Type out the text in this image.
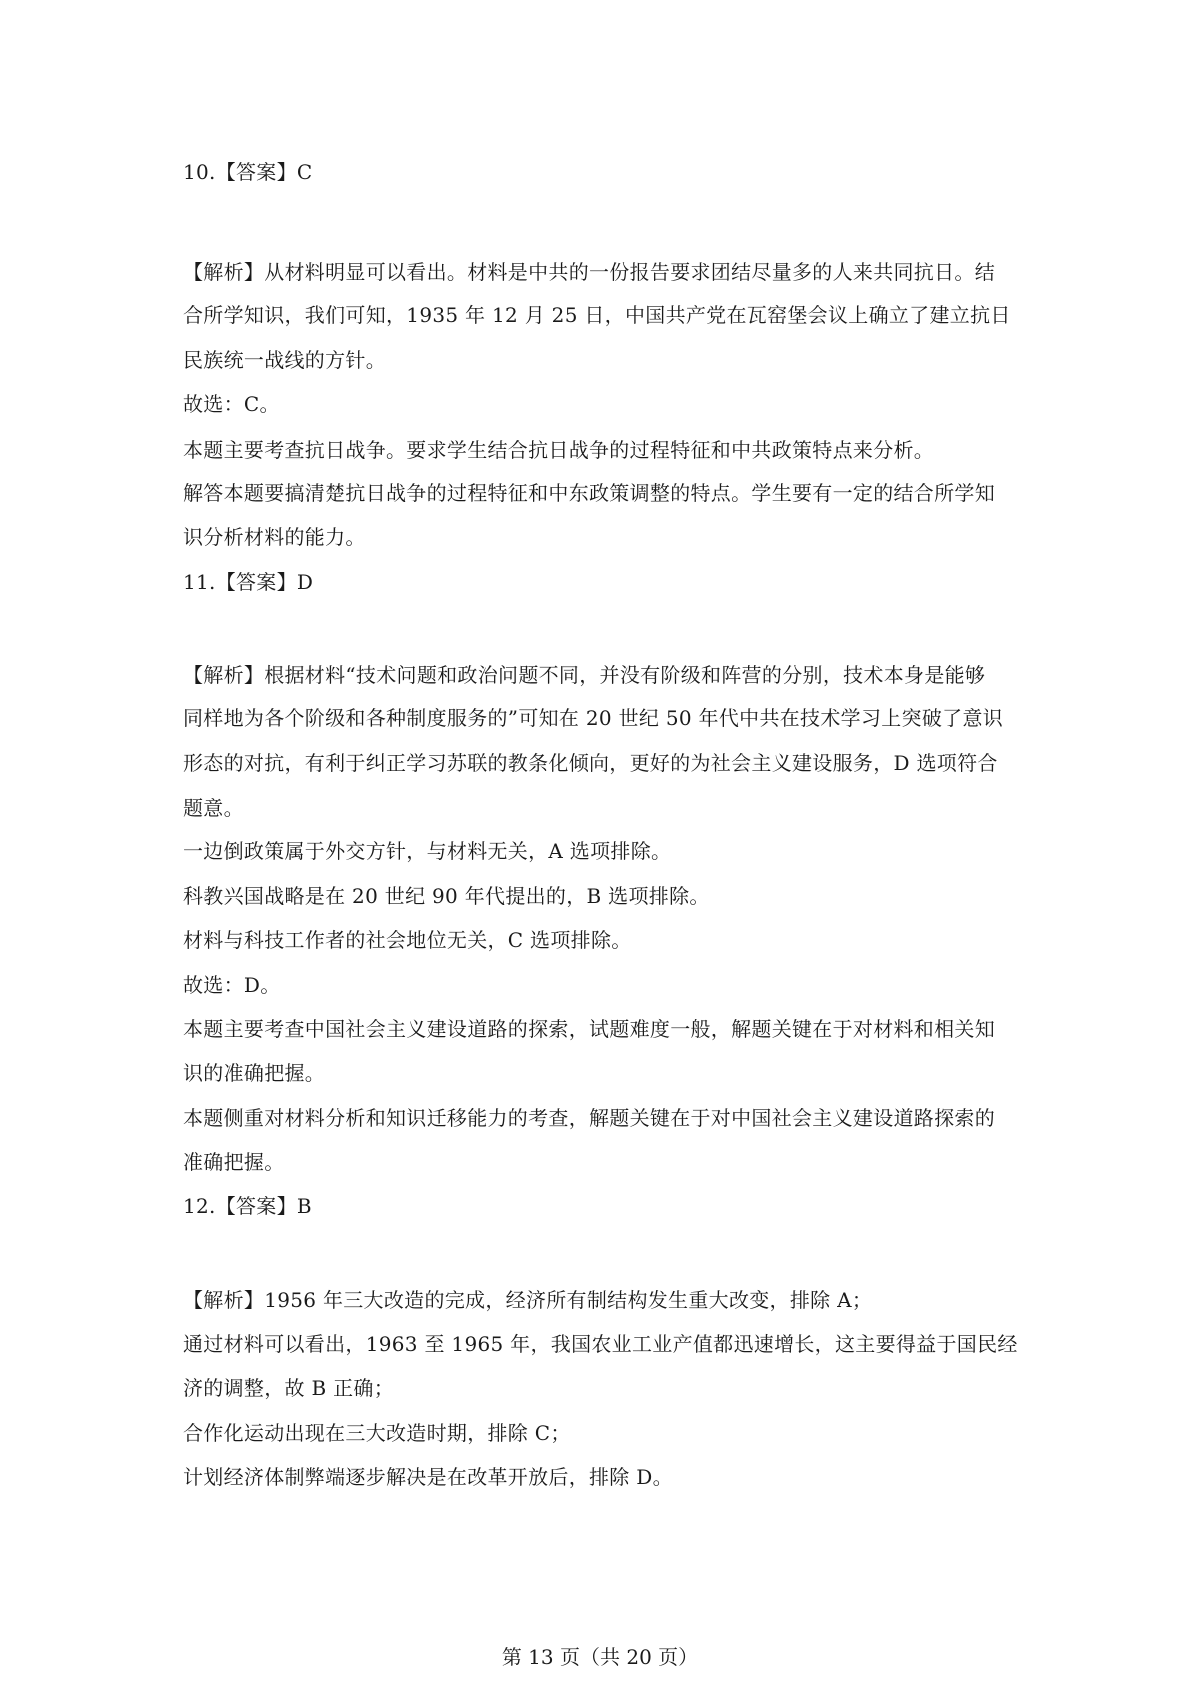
10.【答案】C
【解析】从材料明显可以看出。材料是中共的一份报告要求团结尽量多的人来共同抗日。结
合所学知识，我们可知，1935 年 12 月 25 日，中国共产党在瓦窑堡会议上确立了建立抗日
民族统一战线的方针。
故选：C。
本题主要考查抗日战争。要求学生结合抗日战争的过程特征和中共政策特点来分析。
解答本题要搞清楚抗日战争的过程特征和中东政策调整的特点。学生要有一定的结合所学知
识分析材料的能力。
11.【答案】D
【解析】根据材料“技术问题和政治问题不同，并没有阶级和阵营的分别，技术本身是能够
同样地为各个阶级和各种制度服务的”可知在 20 世纪 50 年代中共在技术学习上突破了意识
形态的对抗，有利于纠正学习苏联的教条化倾向，更好的为社会主义建设服务，D 选项符合
题意。
一边倒政策属于外交方针，与材料无关，A 选项排除。
科教兴国战略是在 20 世纪 90 年代提出的，B 选项排除。
材料与科技工作者的社会地位无关，C 选项排除。
故选：D。
本题主要考查中国社会主义建设道路的探索，试题难度一般，解题关键在于对材料和相关知
识的准确把握。
本题侧重对材料分析和知识迁移能力的考查，解题关键在于对中国社会主义建设道路探索的
准确把握。
12.【答案】B
【解析】1956 年三大改造的完成，经济所有制结构发生重大改变，排除 A；
通过材料可以看出，1963 至 1965 年，我国农业工业产值都迅速增长，这主要得益于国民经
济的调整，故 B 正确；
合作化运动出现在三大改造时期，排除 C；
计划经济体制弊端逐步解决是在改革开放后，排除 D。
第 13 页（共 20 页）
